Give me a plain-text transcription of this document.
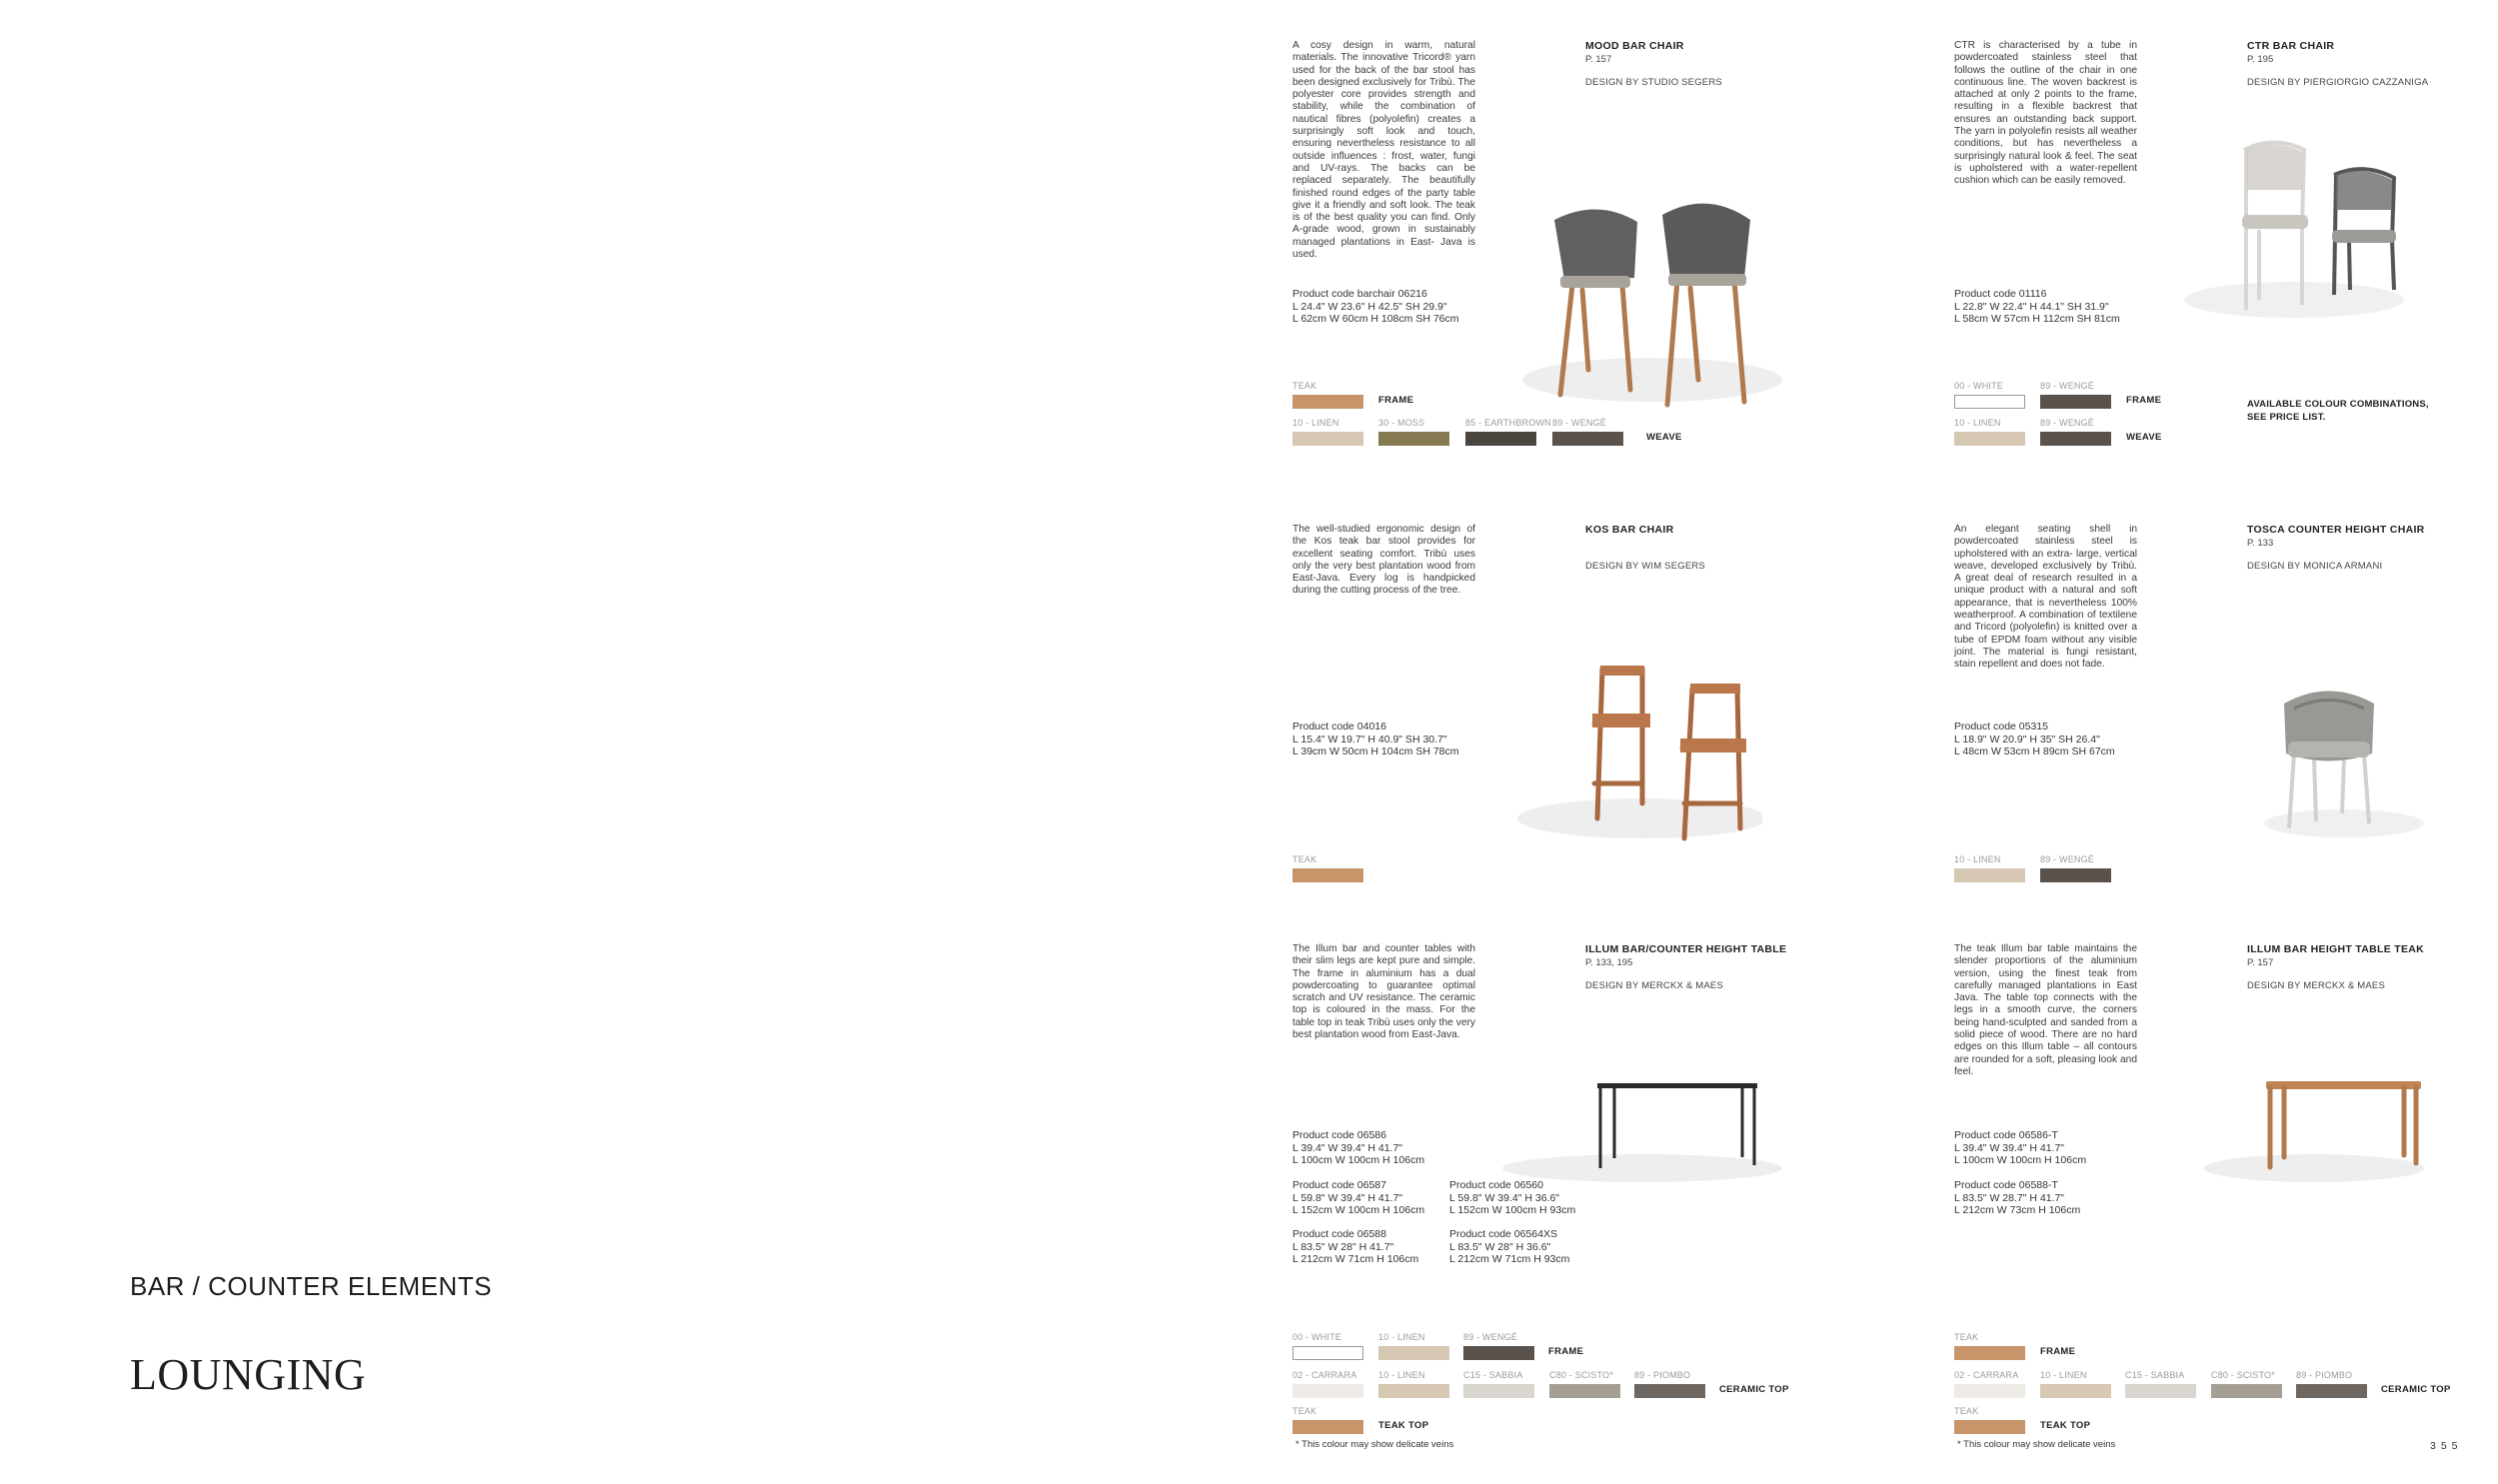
BAR / COUNTER ELEMENTS
LOUNGING
A cosy design in warm, natural materials. The innovative Tricord® yarn used for the back of the bar stool has been designed exclusively for Tribù. The polyester core provides strength and stability, while the combination of nautical fibres (polyolefin) creates a surprisingly soft look and touch, ensuring nevertheless resistance to all outside influences : frost, water, fungi and UV-rays. The backs can be replaced separately. The beautifully finished round edges of the party table give it a friendly and soft look. The teak is of the best quality you can find. Only A-grade wood, grown in sustainably managed plantations in East- Java is used.
MOOD BAR CHAIR
P. 157
DESIGN BY STUDIO SEGERS
Product code barchair 06216
L 24.4" W 23.6" H 42.5" SH 29.9"
L 62cm W 60cm H 108cm SH 76cm
TEAK
FRAME
10 - LINEN	30 - MOSS	85 - EARTHBROWN 89 - WENGÉ
WEAVE
CTR is characterised by a tube in powdercoated stainless steel that follows the outline of the chair in one continuous line. The woven backrest is attached at only 2 points to the frame, resulting in a flexible backrest that ensures an outstanding back support. The yarn in polyolefin resists all weather conditions, but has nevertheless a surprisingly natural look & feel. The seat is upholstered with a water-repellent cushion which can be easily removed.
CTR BAR CHAIR
P. 195
DESIGN BY PIERGIORGIO CAZZANIGA
Product code 01116
L 22.8" W 22.4" H 44.1" SH 31.9"
L 58cm W 57cm H 112cm SH 81cm
00 - WHITE	89 - WENGÉ
FRAME
10 - LINEN	89 - WENGÉ
WEAVE
AVAILABLE COLOUR COMBINATIONS,
SEE PRICE LIST.
The well-studied ergonomic design of the Kos teak bar stool provides for excellent seating comfort. Tribù uses only the very best plantation wood from East-Java. Every log is handpicked during the cutting process of the tree.
KOS BAR CHAIR
DESIGN BY WIM SEGERS
Product code 04016
L 15.4" W 19.7" H 40.9" SH 30.7"
L 39cm W 50cm H 104cm SH 78cm
TEAK
An elegant seating shell in powdercoated stainless steel is upholstered with an extra- large, vertical weave, developed exclusively by Tribù. A great deal of research resulted in a unique product with a natural and soft appearance, that is nevertheless 100% weatherproof. A combination of textilene and Tricord (polyolefin) is knitted over a tube of EPDM foam without any visible joint. The material is fungi resistant, stain repellent and does not fade.
TOSCA COUNTER HEIGHT CHAIR
P. 133
DESIGN BY MONICA ARMANI
Product code 05315
L 18.9" W 20.9" H 35" SH 26.4"
L 48cm W 53cm H 89cm SH 67cm
10 - LINEN	89 - WENGÉ
The Illum bar and counter tables with their slim legs are kept pure and simple. The frame in aluminium has a dual powdercoating to guarantee optimal scratch and UV resistance. The ceramic top is coloured in the mass. For the table top in teak Tribù uses only the very best plantation wood from East-Java.
ILLUM BAR/COUNTER HEIGHT TABLE
P. 133, 195
DESIGN BY MERCKX & MAES
Product code 06586
L 39.4" W 39.4" H 41.7"
L 100cm W 100cm H 106cm
Product code 06587
L 59.8" W 39.4" H 41.7"
L 152cm W 100cm H 106cm
Product code 06560
L 59.8" W 39.4" H 36.6"
L 152cm W 100cm H 93cm
Product code 06588
L 83.5" W 28" H 41.7"
L 212cm W 71cm H 106cm
Product code 06564XS
L 83.5" W 28" H 36.6"
L 212cm W 71cm H 93cm
00 - WHITE	10 - LINEN	89 - WENGÉ
FRAME
02 - CARRARA	10 - LINEN	C15 - SABBIA	C80 - SCISTO*	89 - PIOMBO
CERAMIC TOP
TEAK
TEAK TOP
* This colour may show delicate veins
The teak Illum bar table maintains the slender proportions of the aluminium version, using the finest teak from carefully managed plantations in East Java. The table top connects with the legs in a smooth curve, the corners being hand-sculpted and sanded from a solid piece of wood. There are no hard edges on this Illum table – all contours are rounded for a soft, pleasing look and feel.
ILLUM BAR HEIGHT TABLE TEAK
P. 157
DESIGN BY MERCKX & MAES
Product code 06586-T
L 39.4" W 39.4" H 41.7"
L 100cm W 100cm H 106cm
Product code 06588-T
L 83.5" W 28.7" H 41.7"
L 212cm W 73cm H 106cm
TEAK
FRAME
02 - CARRARA	10 - LINEN	C15 - SABBIA	C80 - SCISTO*	89 - PIOMBO
CERAMIC TOP
TEAK
TEAK TOP
* This colour may show delicate veins	355
